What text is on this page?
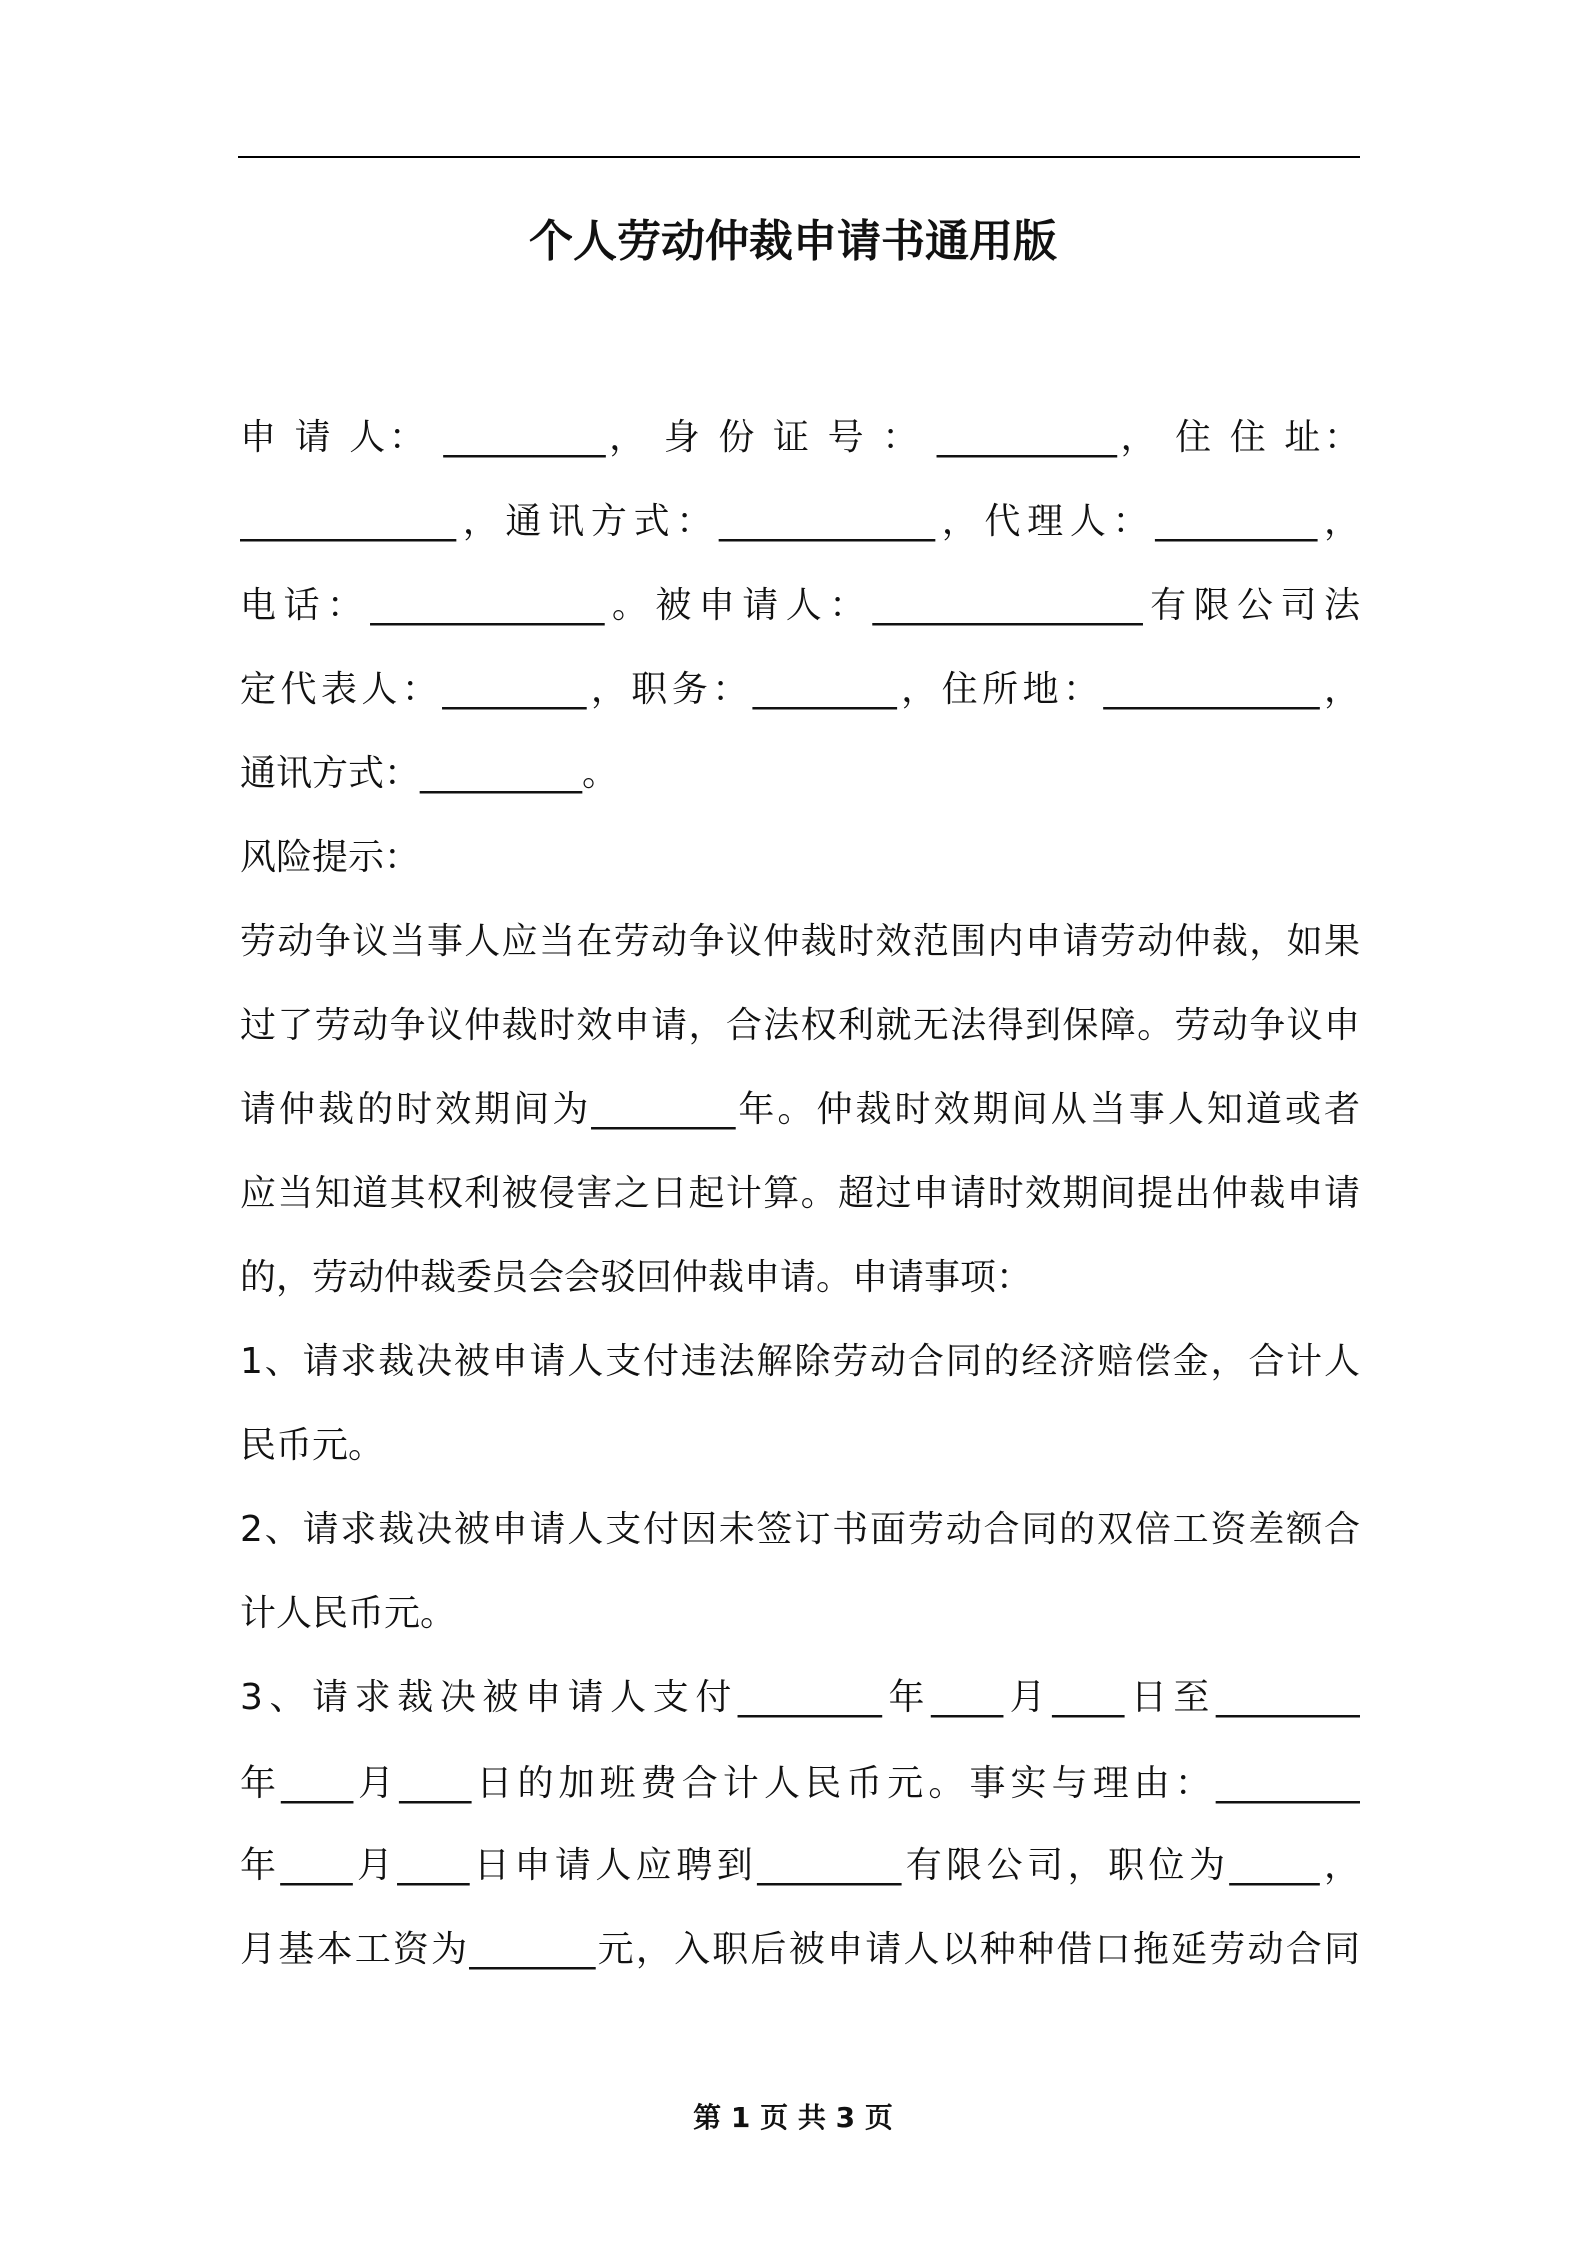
个人劳动仲裁申请书通用版
申 请 人： _________， 身 份 证 号 ： __________， 住 住 址：
____________，通讯方式：____________，代理人：_________，
电话：_____________。被申请人：_______________有限公司法
定代表人：________，职务：________，住所地：____________，
通讯方式：_________。
风险提示：
劳动争议当事人应当在劳动争议仲裁时效范围内申请劳动仲裁，如果
过了劳动争议仲裁时效申请，合法权利就无法得到保障。劳动争议申
请仲裁的时效期间为________年。仲裁时效期间从当事人知道或者
应当知道其权利被侵害之日起计算。超过申请时效期间提出仲裁申请
的，劳动仲裁委员会会驳回仲裁申请。申请事项：
1、请求裁决被申请人支付违法解除劳动合同的经济赔偿金，合计人
民币元。
2、请求裁决被申请人支付因未签订书面劳动合同的双倍工资差额合
计人民币元。
3、请求裁决被申请人支付________年____月____日至________
年____月____日的加班费合计人民币元。事实与理由：________
年____月____日申请人应聘到________有限公司，职位为_____，
月基本工资为_______元，入职后被申请人以种种借口拖延劳动合同
第 1 页 共 3 页
